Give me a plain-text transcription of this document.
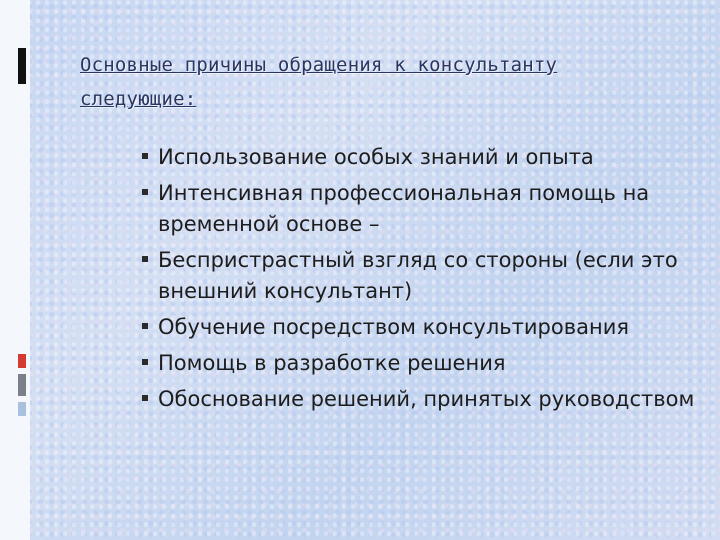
Основные причины обращения к консультанту следующие:
Использование особых знаний и опыта
Интенсивная профессиональная помощь на временной основе –
Беспристрастный взгляд со стороны (если это внешний консультант)
Обучение посредством консультирования
Помощь в разработке решения
Обоснование решений, принятых руководством
